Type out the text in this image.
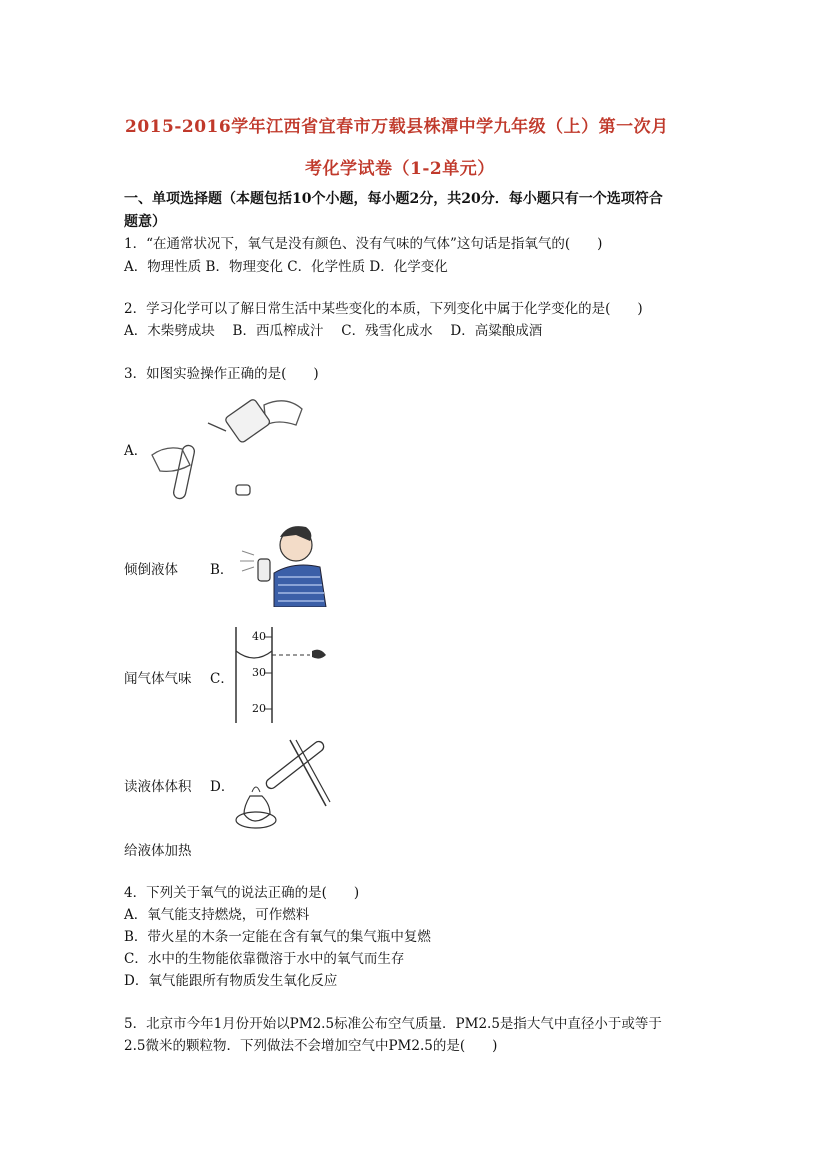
2015-2016学年江西省宜春市万载县株潭中学九年级（上）第一次月
考化学试卷（1-2单元）
一、单项选择题（本题包括10个小题，每小题2分，共20分．每小题只有一个选项符合
题意）
1．“在通常状况下，氧气是没有颜色、没有气味的气体”这句话是指氧气的(　　)
A．物理性质 B．物理变化 C．化学性质 D．化学变化
2．学习化学可以了解日常生活中某些变化的本质，下列变化中属于化学变化的是(　　)
A．木柴劈成块　 B．西瓜榨成汁　 C．残雪化成水　 D．高粱酿成酒
3．如图实验操作正确的是(　　)
A．
倾倒液体 B．
闻气体气味 C．
40
30
20
读液体体积 D．
给液体加热
4．下列关于氧气的说法正确的是(　　)
A．氧气能支持燃烧，可作燃料
B．带火星的木条一定能在含有氧气的集气瓶中复燃
C．水中的生物能依靠微溶于水中的氧气而生存
D．氧气能跟所有物质发生氧化反应
5．北京市今年1月份开始以PM2.5标准公布空气质量．PM2.5是指大气中直径小于或等于
2.5微米的颗粒物．下列做法不会增加空气中PM2.5的是(　　)
